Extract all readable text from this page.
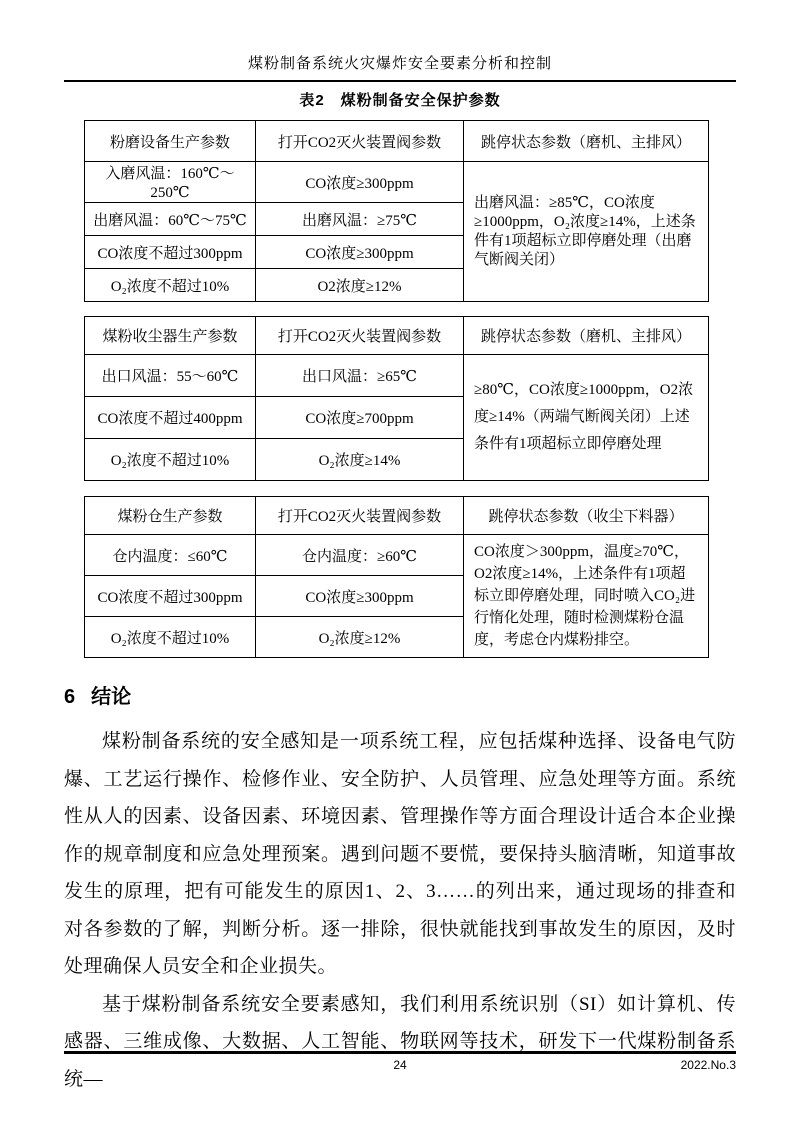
煤粉制备系统火灾爆炸安全要素分析和控制
表2　煤粉制备安全保护参数
粉磨设备生产参数	打开CO2灭火装置阀参数	跳停状态参数（磨机、主排风）
入磨风温：160℃～250℃	CO浓度≥300ppm	出磨风温：≥85℃，CO浓度≥1000ppm，O₂浓度≥14%，上述条件有1项超标立即停磨处理（出磨气断阀关闭）
出磨风温：60℃～75℃	出磨风温：≥75℃	
CO浓度不超过300ppm	CO浓度≥300ppm	
O₂浓度不超过10%	O2浓度≥12%	
煤粉收尘器生产参数	打开CO2灭火装置阀参数	跳停状态参数（磨机、主排风）
出口风温：55～60℃	出口风温：≥65℃	≥80℃，CO浓度≥1000ppm，O2浓度≥14%（两端气断阀关闭）上述条件有1项超标立即停磨处理
CO浓度不超过400ppm	CO浓度≥700ppm	
O₂浓度不超过10%	O₂浓度≥14%	
煤粉仓生产参数	打开CO2灭火装置阀参数	跳停状态参数（收尘下料器）
仓内温度：≤60℃	仓内温度：≥60℃	CO浓度＞300ppm，温度≥70℃，O2浓度≥14%，上述条件有1项超标立即停磨处理，同时喷入CO₂进行惰化处理，随时检测煤粉仓温度，考虑仓内煤粉排空。
CO浓度不超过300ppm	CO浓度≥300ppm	
O₂浓度不超过10%	O₂浓度≥12%	
6 结论

煤粉制备系统的安全感知是一项系统工程，应包括煤种选择、设备电气防爆、工艺运行操作、检修作业、安全防护、人员管理、应急处理等方面。系统性从人的因素、设备因素、环境因素、管理操作等方面合理设计适合本企业操作的规章制度和应急处理预案。遇到问题不要慌，要保持头脑清晰，知道事故发生的原理，把有可能发生的原因1、2、3……的列出来，通过现场的排查和对各参数的了解，判断分析。逐一排除，很快就能找到事故发生的原因，及时处理确保人员安全和企业损失。

基于煤粉制备系统安全要素感知，我们利用系统识别（SI）如计算机、传感器、三维成像、大数据、人工智能、物联网等技术，研发下一代煤粉制备系统—

24	2022.No.3
